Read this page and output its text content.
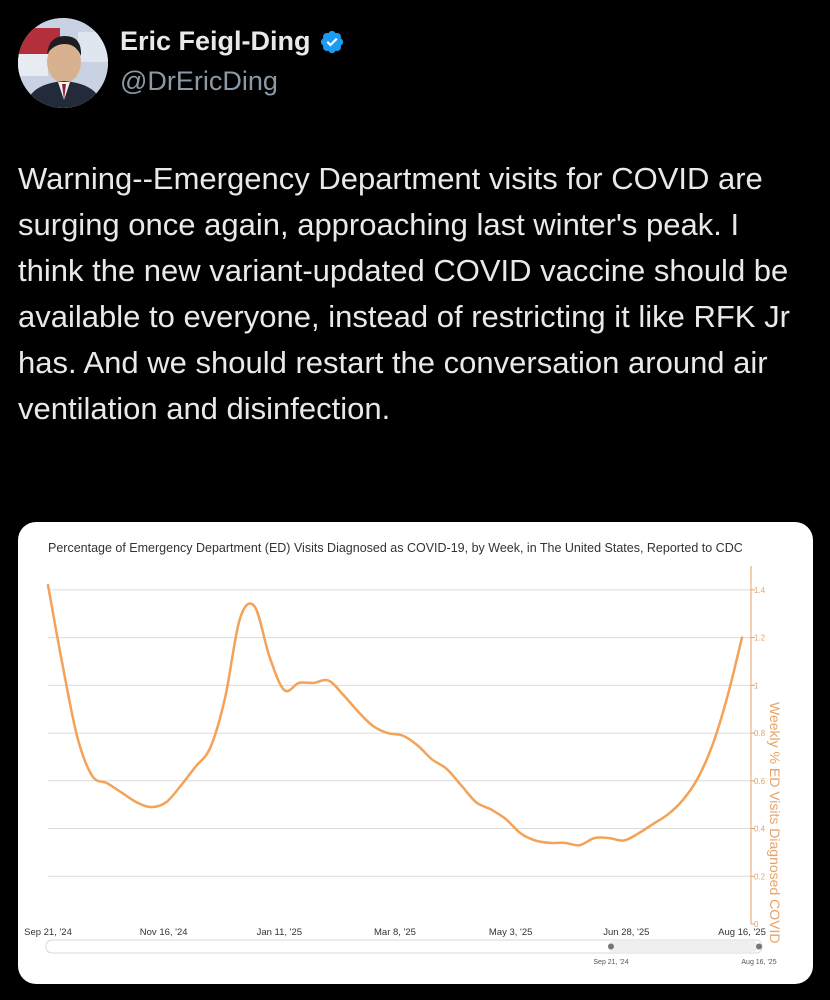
Eric Feigl-Ding
@DrEricDing
Warning--Emergency Department visits for COVID are surging once again, approaching last winter's peak. I think the new variant-updated COVID vaccine should be available to everyone, instead of restricting it like RFK Jr has. And we should restart the conversation around air ventilation and disinfection.
Percentage of Emergency Department (ED) Visits Diagnosed as COVID-19, by Week, in The United States, Reported to CDC
0
0.2
0.4
0.6
0.8
1
1.2
1.4
Weekly % ED Visits Diagnosed COVID
Sep 21, '24	Nov 16, '24	Jan 11, '25	Mar 8, '25	May 3, '25	Jun 28, '25	Aug 16, '25
Sep 21, '24	Aug 16, '25
